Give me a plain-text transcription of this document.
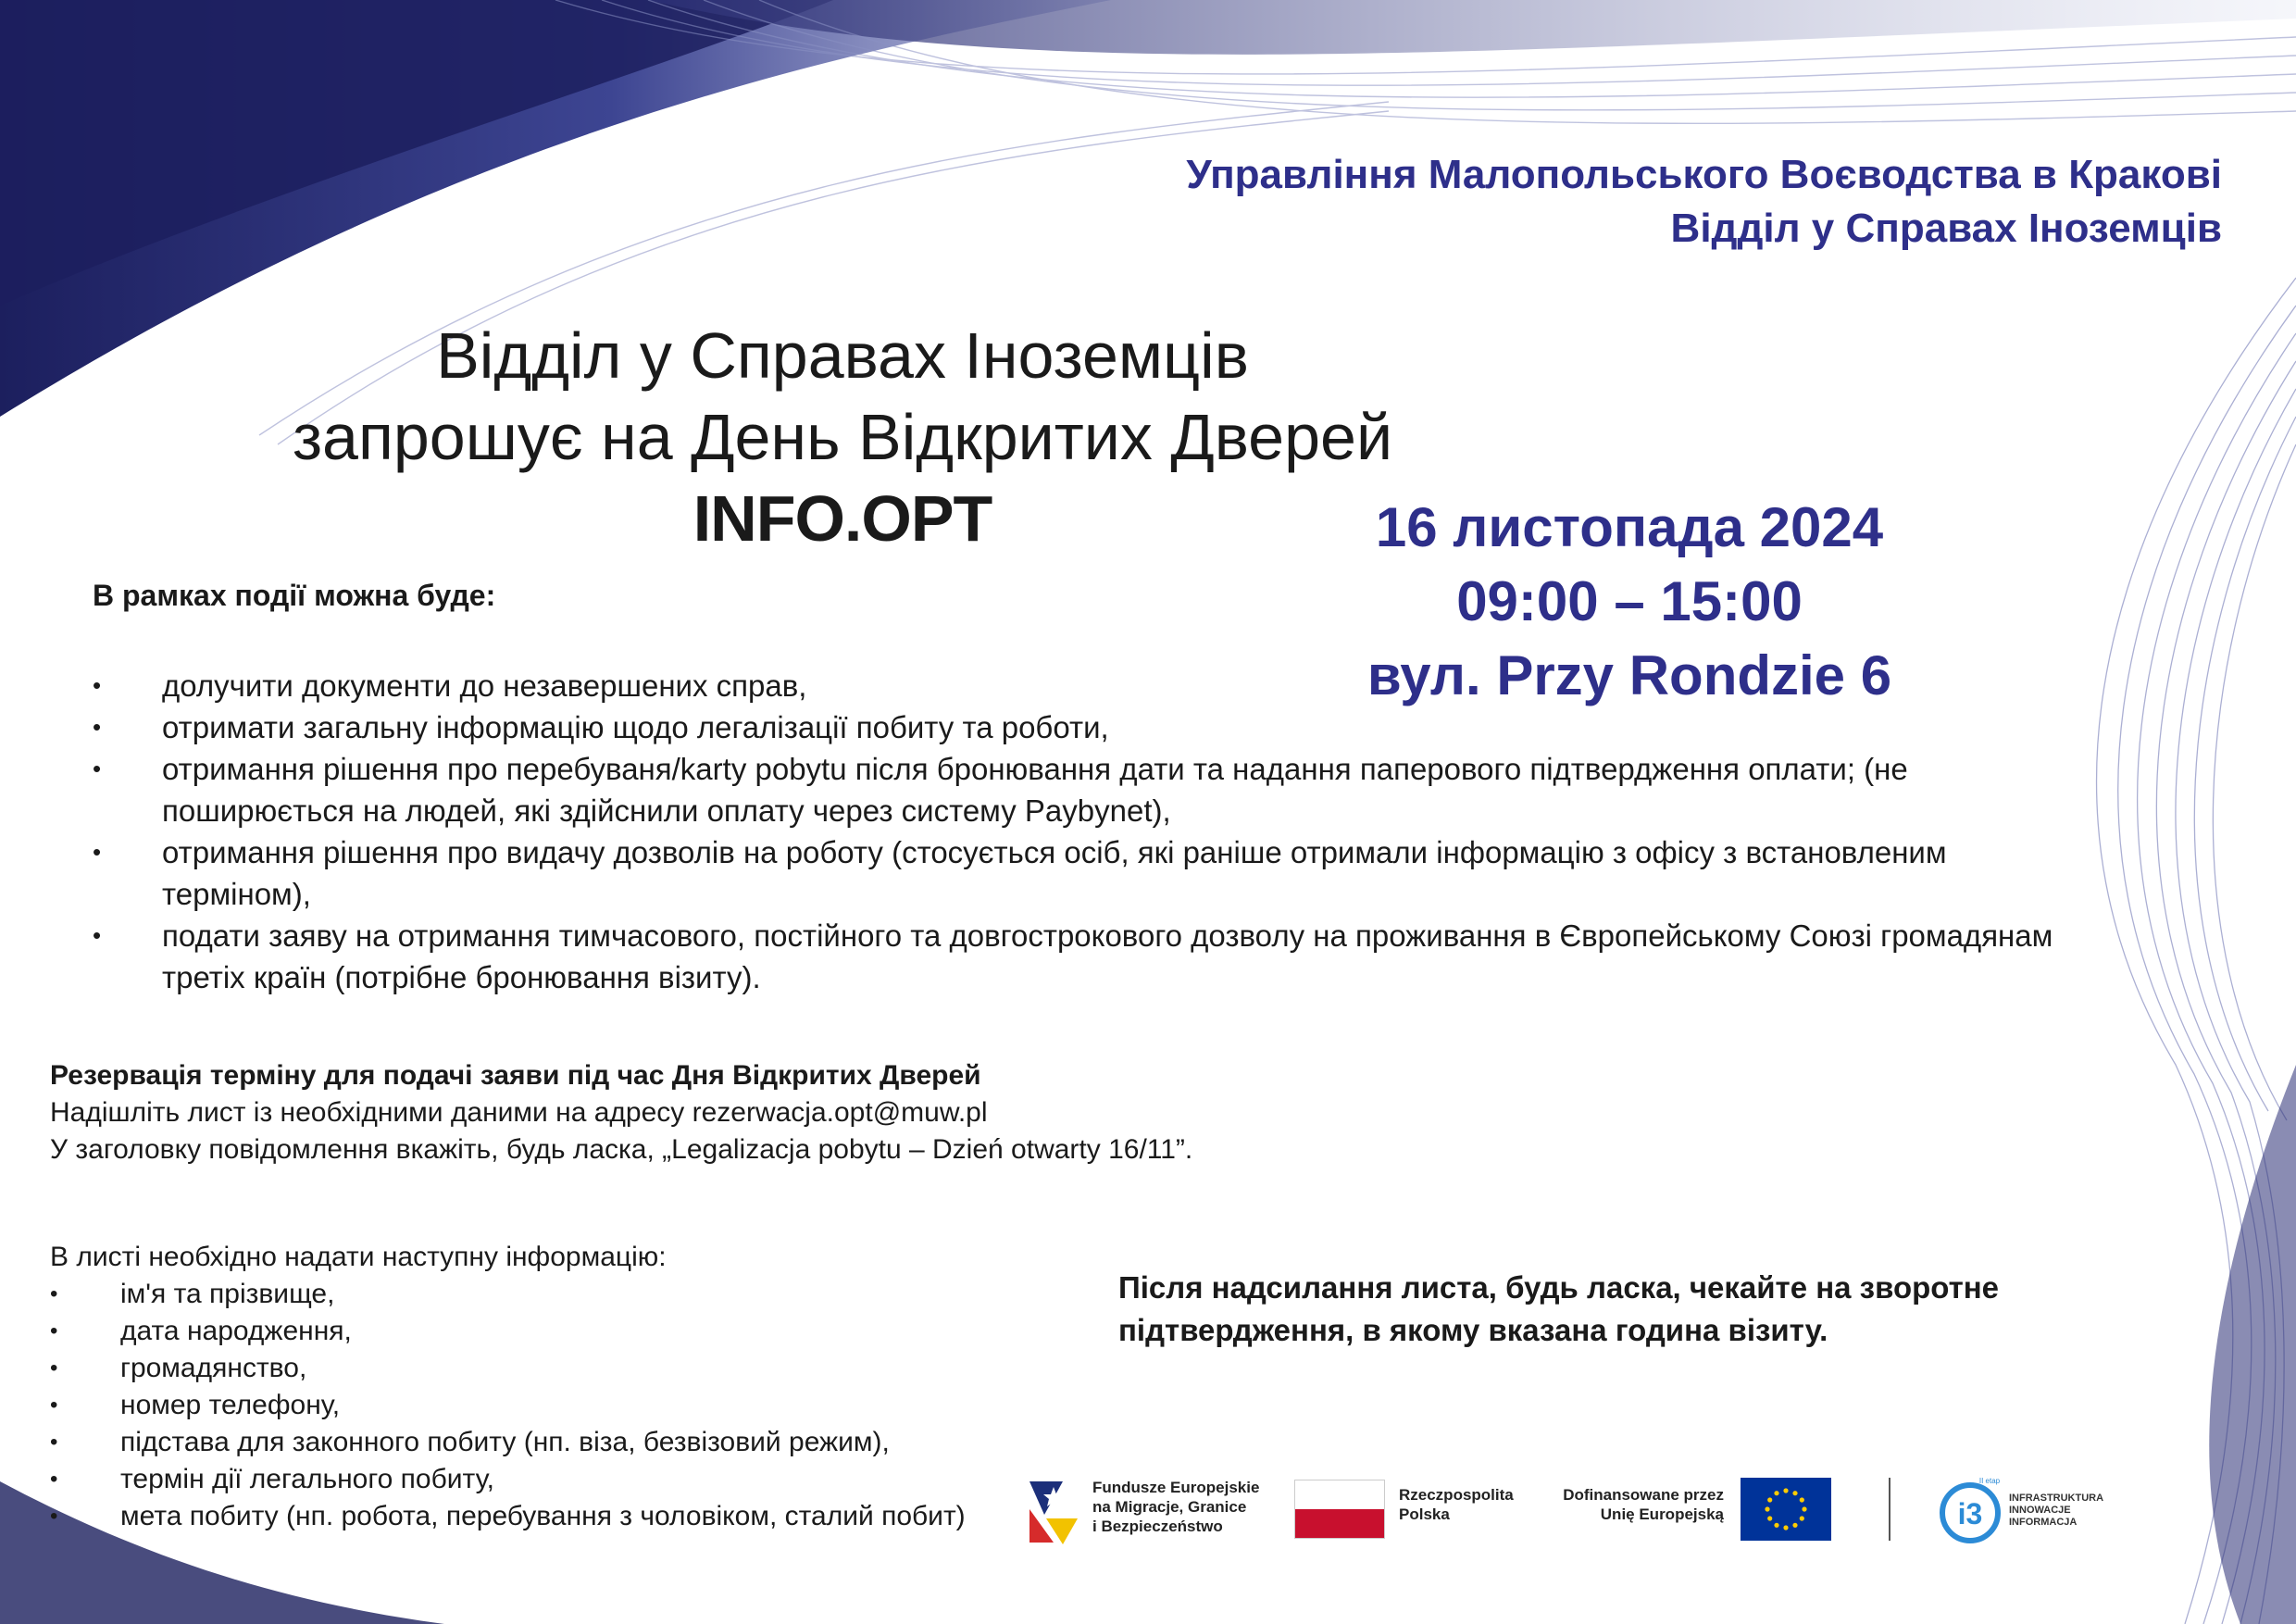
Управління Малопольського Воєводства в Кракові
Відділ у Справах Іноземців
Відділ у Справах Іноземців
запрошує на День Відкритих Дверей INFO.OPT	16 листопада 2024
09:00 – 15:00
вул. Przy Rondzie 6
В рамках події можна буде:
• долучити документи до незавершених справ,
• отримати загальну інформацію щодо легалізації побиту та роботи,
• отримання рішення про перебуваня/karty pobytu після бронювання дати та надання паперового підтвердження оплати; (не поширюється на людей, які здійснили оплату через систему Paybynet),
• отримання рішення про видачу дозволів на роботу (стосується осіб, які раніше отримали інформацію з офісу з встановленим терміном),
• подати заяву на отримання тимчасового, постійного та довгострокового дозволу на проживання в Європейському Союзі громадянам третіх країн (потрібне бронювання візиту).
Резервація терміну для подачі заяви під час Дня Відкритих Дверей
Надішліть лист із необхідними даними на адресу rezerwacja.opt@muw.pl
У заголовку повідомлення вкажіть, будь ласка, „Legalizacja pobytu – Dzień otwarty 16/11”.
В листі необхідно надати наступну інформацію:
• ім'я та прізвище,
• дата народження,
• громадянство,
• номер телефону,
• підстава для законного побиту (нп. віза, безвізовий режим),
• термін дії легального побиту,
• мета побиту (нп. робота, перебування з чоловіком, сталий побит)
Після надсилання листа, будь ласка, чекайте на зворотне підтвердження, в якому вказана година візиту.
Fundusze Europejskie
na Migracje, Granice
i Bezpieczeństwo
Rzeczpospolita
Polska
Dofinansowane przez
Unię Europejską	i3
II etap
INFRASTRUKTURA
INNOWACJE
INFORMACJA
